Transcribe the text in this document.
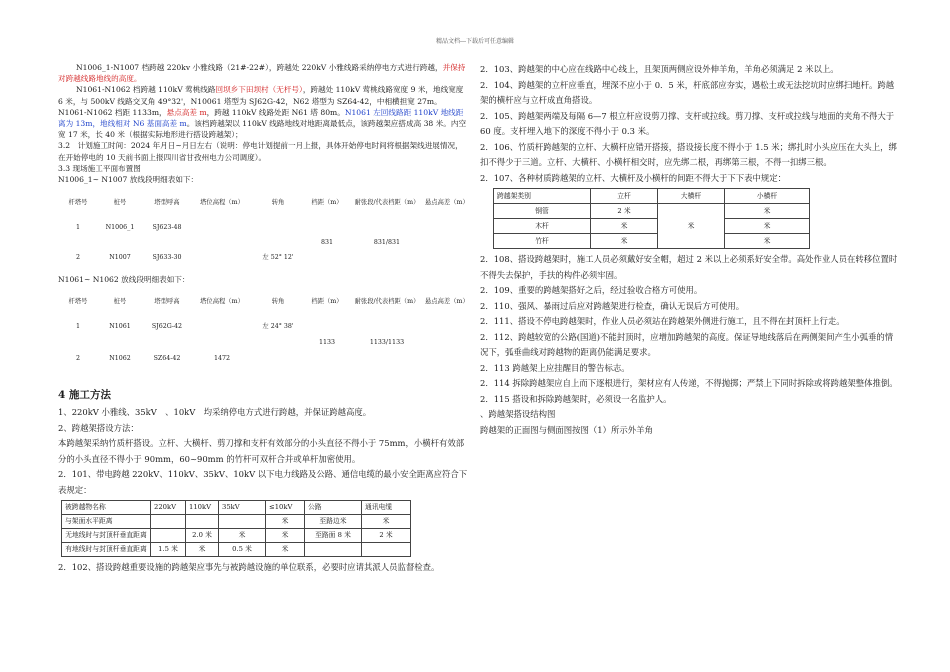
精品文档---下载后可任意编辑

N1006_1-N1007 档跨越 220kv 小雅线路（21#-22#），跨越处 220kV 小雅线路采纳停电方式进行跨越，并保持对跨越线路地线的高度。

N1061-N1062 档跨越 110kV 莺桃线路回坝乡下田坝村（无杆号），跨越处 110kV 莺桃线路宽度 9 米，地线宽度 6 米，与 500kV 线路交叉角 49°32'，N10061 塔型为 SJ62G-42，N62 塔型为 SZ64-42，中相横担宽 27m。N1061-N1062 档距 1133m，悬点高差 m，跨越 110kV 线路处距 N61 塔 80m。N1061 左回线路距 110kV 地线距离为 13m，地线相对 N6 基面高差 m。该档跨越架以 110kV 线路地线对地距离最低点，该跨越架应搭成高 38 米。内空宽 17 米，长 40 米（根据实际地形进行搭设跨越架）；

3.2　计划施工时间：2024 年月日~月日左右（说明：停电计划提前一月上报，具体开始停电时间将根据架线进展情况，在开始停电的 10 天前书面上报四川省甘孜州电力公司调度）。

3.3 现场施工平面布置图

N1006_1~ N1007 放线段明细表如下：

杆塔号	桩号	塔型呼高	塔位高程（m）	转角	档距（m）	耐张段/代表档距（m）	悬点高差（m）
1	N1006_1	SJ623-48					
					831	831/831	
2	N1007	SJ633-30		左 52° 12'			

N1061~ N1062 放线段明细表如下：

杆塔号	桩号	塔型呼高	塔位高程（m）	转角	档距（m）	耐张段/代表档距（m）	悬点高差（m）
1	N1061	SJ62G-42		左 24° 38'			
					1133	1133/1133	
2	N1062	SZ64-42	1472				

4 施工方法

1、220kV 小雅线、35kV　、10kV　均采纳停电方式进行跨越，并保证跨越高度。

2、跨越架搭设方法：

本跨越架采纳竹质杆搭设。立杆、大横杆、剪刀撑和支杆有效部分的小头直径不得小于 75mm，小横杆有效部分的小头直径不得小于 90mm，60~90mm 的竹杆可双杆合并或单杆加密使用。

2．101、带电跨越 220kV、110kV、35kV、10kV 以下电力线路及公路、通信电缆的最小安全距离应符合下表规定：

被跨越物名称	220kV	110kV	35kV	≤10kV	公路	通讯电缆
与架面水平距离				米	至路边米	米
无地线时与封顶杆垂直距离		2.0 米	米	米	至路面 8 米	2 米
有地线时与封顶杆垂直距离	1.5 米	米	0.5 米	米		

2．102、搭设跨越重要设施的跨越架应事先与被跨越设施的单位联系，必要时应请其派人员监督检查。

2．103、跨越架的中心应在线路中心线上，且架顶两侧应设外伸羊角，羊角必须满足 2 米以上。

2．104、跨越架的立杆应垂直，埋深不应小于 0．5 米，杆底部应夯实，遇松土或无法挖坑时应绑扫地杆。跨越架的横杆应与立杆成直角搭设。

2．105、跨越架两端及每隔 6—7 根立杆应设剪刀撑、支杆或拉线。剪刀撑、支杆或拉线与地面的夹角不得大于 60 度。支杆埋入地下的深度不得小于 0.3 米。

2．106、竹质杆跨越架的立杆、大横杆应错开搭接，搭设接长度不得小于 1.5 米；绑扎时小头应压在大头上，绑扣不得少于三道。立杆、大横杆、小横杆相交时，应先绑二根，再绑第三根，不得一扣绑三根。

2．107、各种材质跨越架的立杆、大横杆及小横杆的间距不得大于下下表中规定：

跨越架类别	立杆	大横杆	小横杆
钢管	2 米	米	米
木杆	米		米
竹杆	米		米

2．108、搭设跨越架时，施工人员必须戴好安全帽，超过 2 米以上必须系好安全带。高处作业人员在转移位置时不得失去保护，手扶的构件必须牢固。

2．109、重要的跨越架搭好之后，经过验收合格方可使用。

2．110、强风、暴雨过后应对跨越架进行检查，确认无误后方可使用。

2．111、搭设不停电跨越架时，作业人员必须站在跨越架外侧进行施工，且不得在封顶杆上行走。

2．112、跨越较宽的公路(国道)不能封顶时，应增加跨越架的高度。保证导地线落后在两侧架间产生小弧垂的情况下，弧垂曲线对跨越物的距离仍能满足要求。

2．113 跨越架上应挂醒目的警告标志。

2．114 拆除跨越架应自上而下逐根进行，架材应有人传递，不得抛掷；严禁上下同时拆除或将跨越架整体推倒。

2．115 搭设和拆除跨越架时，必须设一名监护人。

、跨越架搭设结构图

跨越架的正面图与侧面图按图（1）所示外羊角
